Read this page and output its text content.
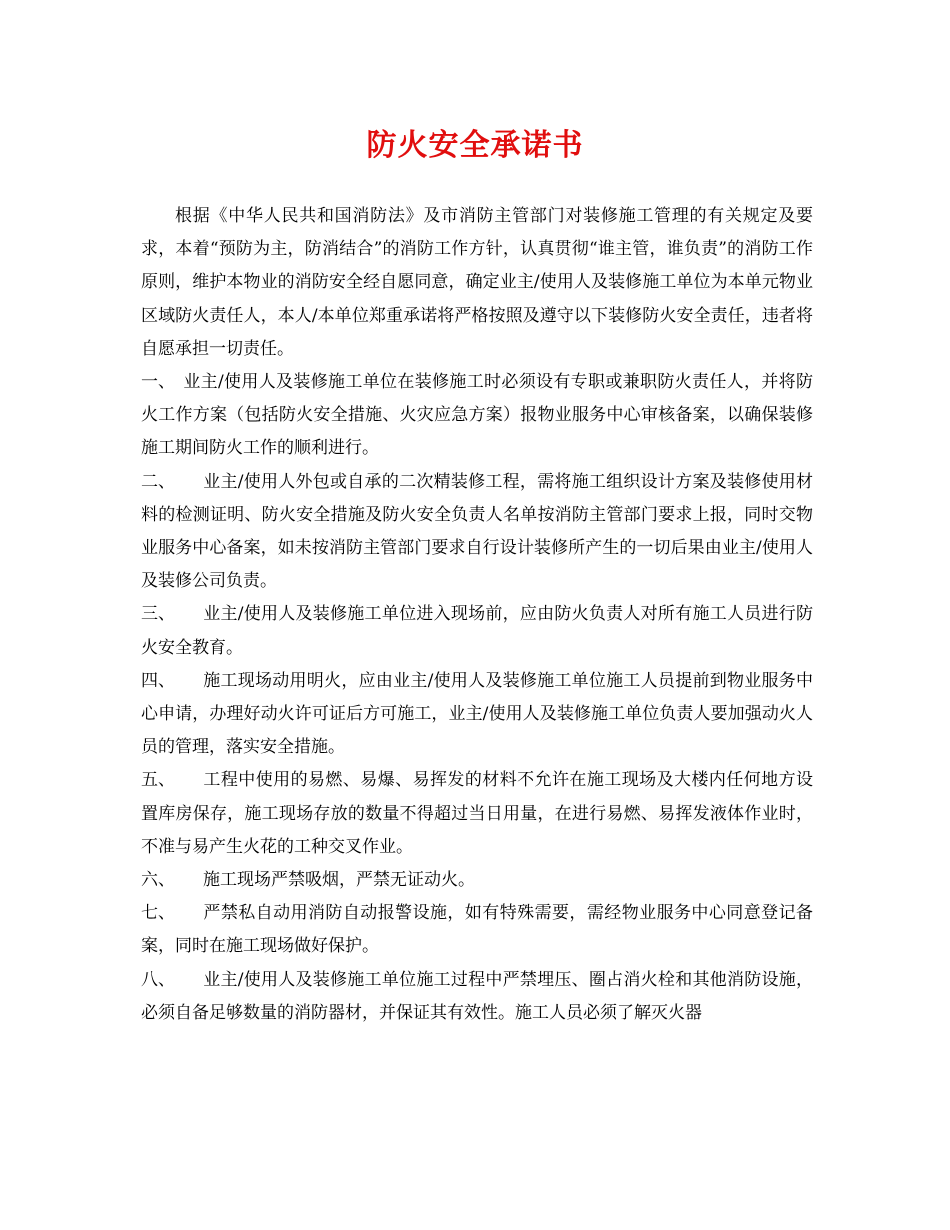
防火安全承诺书

根据《中华人民共和国消防法》及市消防主管部门对装修施工管理的有关规定及要求，本着“预防为主，防消结合”的消防工作方针，认真贯彻“谁主管，谁负责”的消防工作原则，维护本物业的消防安全经自愿同意，确定业主/使用人及装修施工单位为本单元物业区域防火责任人，本人/本单位郑重承诺将严格按照及遵守以下装修防火安全责任，违者将自愿承担一切责任。

一、 业主/使用人及装修施工单位在装修施工时必须设有专职或兼职防火责任人，并将防火工作方案（包括防火安全措施、火灾应急方案）报物业服务中心审核备案，以确保装修施工期间防火工作的顺利进行。

二、 业主/使用人外包或自承的二次精装修工程，需将施工组织设计方案及装修使用材料的检测证明、防火安全措施及防火安全负责人名单按消防主管部门要求上报，同时交物业服务中心备案，如未按消防主管部门要求自行设计装修所产生的一切后果由业主/使用人及装修公司负责。

三、 业主/使用人及装修施工单位进入现场前，应由防火负责人对所有施工人员进行防火安全教育。

四、 施工现场动用明火，应由业主/使用人及装修施工单位施工人员提前到物业服务中心申请，办理好动火许可证后方可施工，业主/使用人及装修施工单位负责人要加强动火人员的管理，落实安全措施。

五、 工程中使用的易燃、易爆、易挥发的材料不允许在施工现场及大楼内任何地方设置库房保存，施工现场存放的数量不得超过当日用量，在进行易燃、易挥发液体作业时，不准与易产生火花的工种交叉作业。

六、 施工现场严禁吸烟，严禁无证动火。

七、 严禁私自动用消防自动报警设施，如有特殊需要，需经物业服务中心同意登记备案，同时在施工现场做好保护。

八、 业主/使用人及装修施工单位施工过程中严禁埋压、圈占消火栓和其他消防设施，必须自备足够数量的消防器材，并保证其有效性。施工人员必须了解灭火器
